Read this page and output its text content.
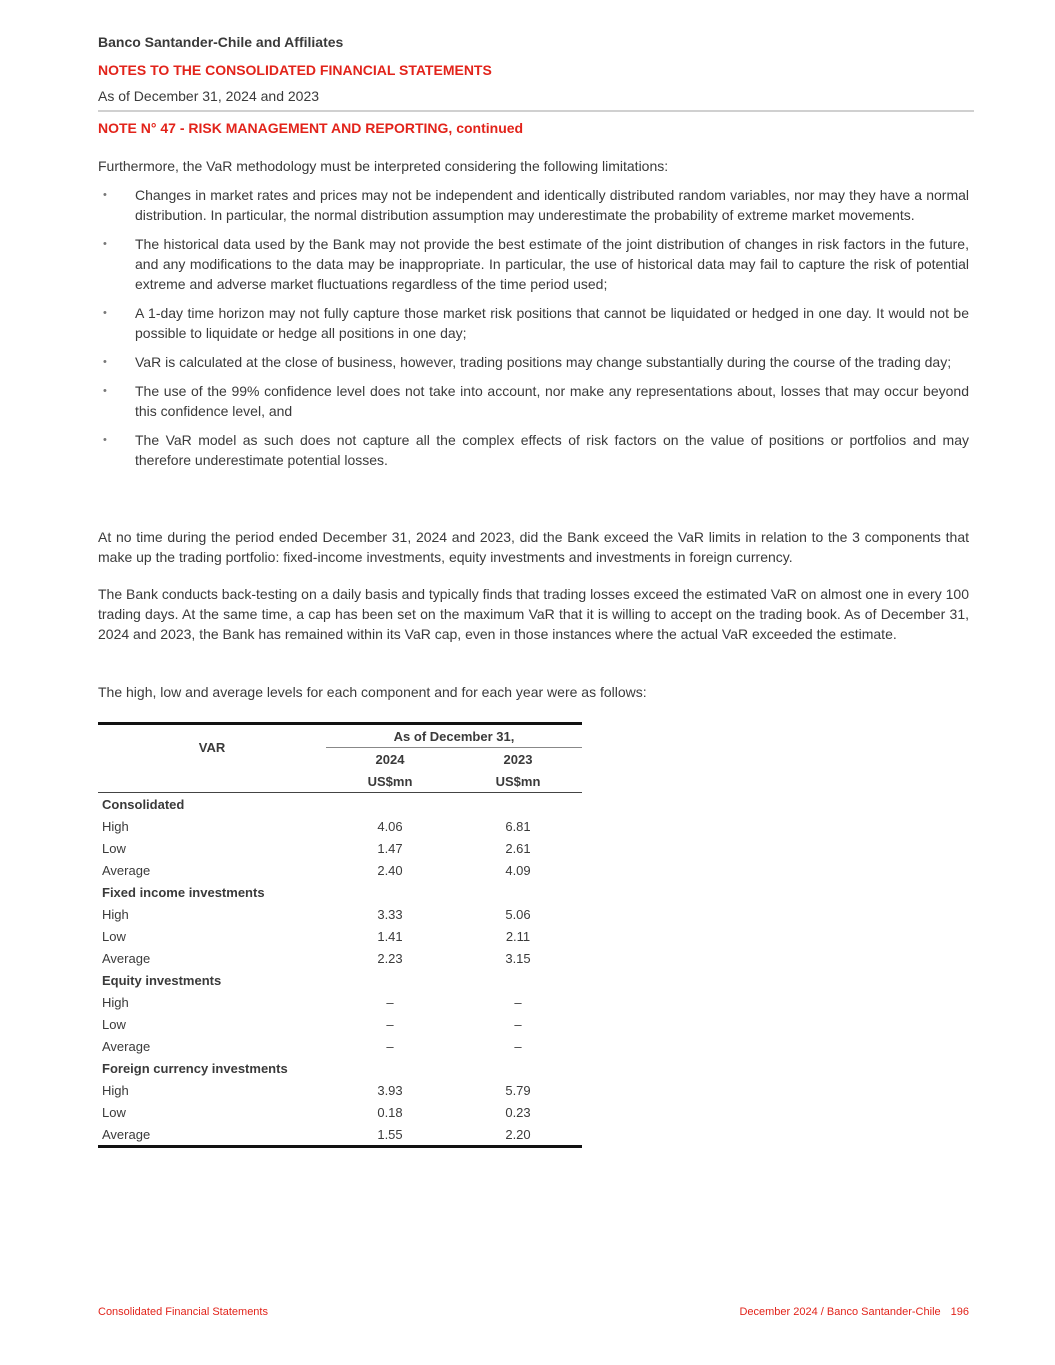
Banco Santander-Chile and Affiliates
NOTES TO THE CONSOLIDATED FINANCIAL STATEMENTS
As of December 31, 2024 and 2023
NOTE N° 47 - RISK MANAGEMENT AND REPORTING, continued
Furthermore, the VaR methodology must be interpreted considering the following limitations:
• Changes in market rates and prices may not be independent and identically distributed random variables, nor may they have a normal distribution. In particular, the normal distribution assumption may underestimate the probability of extreme market movements.
• The historical data used by the Bank may not provide the best estimate of the joint distribution of changes in risk factors in the future, and any modifications to the data may be inappropriate. In particular, the use of historical data may fail to capture the risk of potential extreme and adverse market fluctuations regardless of the time period used;
• A 1-day time horizon may not fully capture those market risk positions that cannot be liquidated or hedged in one day. It would not be possible to liquidate or hedge all positions in one day;
• VaR is calculated at the close of business, however, trading positions may change substantially during the course of the trading day;
• The use of the 99% confidence level does not take into account, nor make any representations about, losses that may occur beyond this confidence level, and
• The VaR model as such does not capture all the complex effects of risk factors on the value of positions or portfolios and may therefore underestimate potential losses.
At no time during the period ended December 31, 2024 and 2023, did the Bank exceed the VaR limits in relation to the 3 components that make up the trading portfolio: fixed-income investments, equity investments and investments in foreign currency.
The Bank conducts back-testing on a daily basis and typically finds that trading losses exceed the estimated VaR on almost one in every 100 trading days. At the same time, a cap has been set on the maximum VaR that it is willing to accept on the trading book. As of December 31, 2024 and 2023, the Bank has remained within its VaR cap, even in those instances where the actual VaR exceeded the estimate.
The high, low and average levels for each component and for each year were as follows:

VAR	As of December 31,	
	2024	2023
	US$mn	US$mn
Consolidated		
High	4.06	6.81
Low	1.47	2.61
Average	2.40	4.09
Fixed income investments		
High	3.33	5.06
Low	1.41	2.11
Average	2.23	3.15
Equity investments		
High	–	–
Low	–	–
Average	–	–
Foreign currency investments		
High	3.93	5.79
Low	0.18	0.23
Average	1.55	2.20
Consolidated Financial Statements	December 2024 / Banco Santander-Chile 196
